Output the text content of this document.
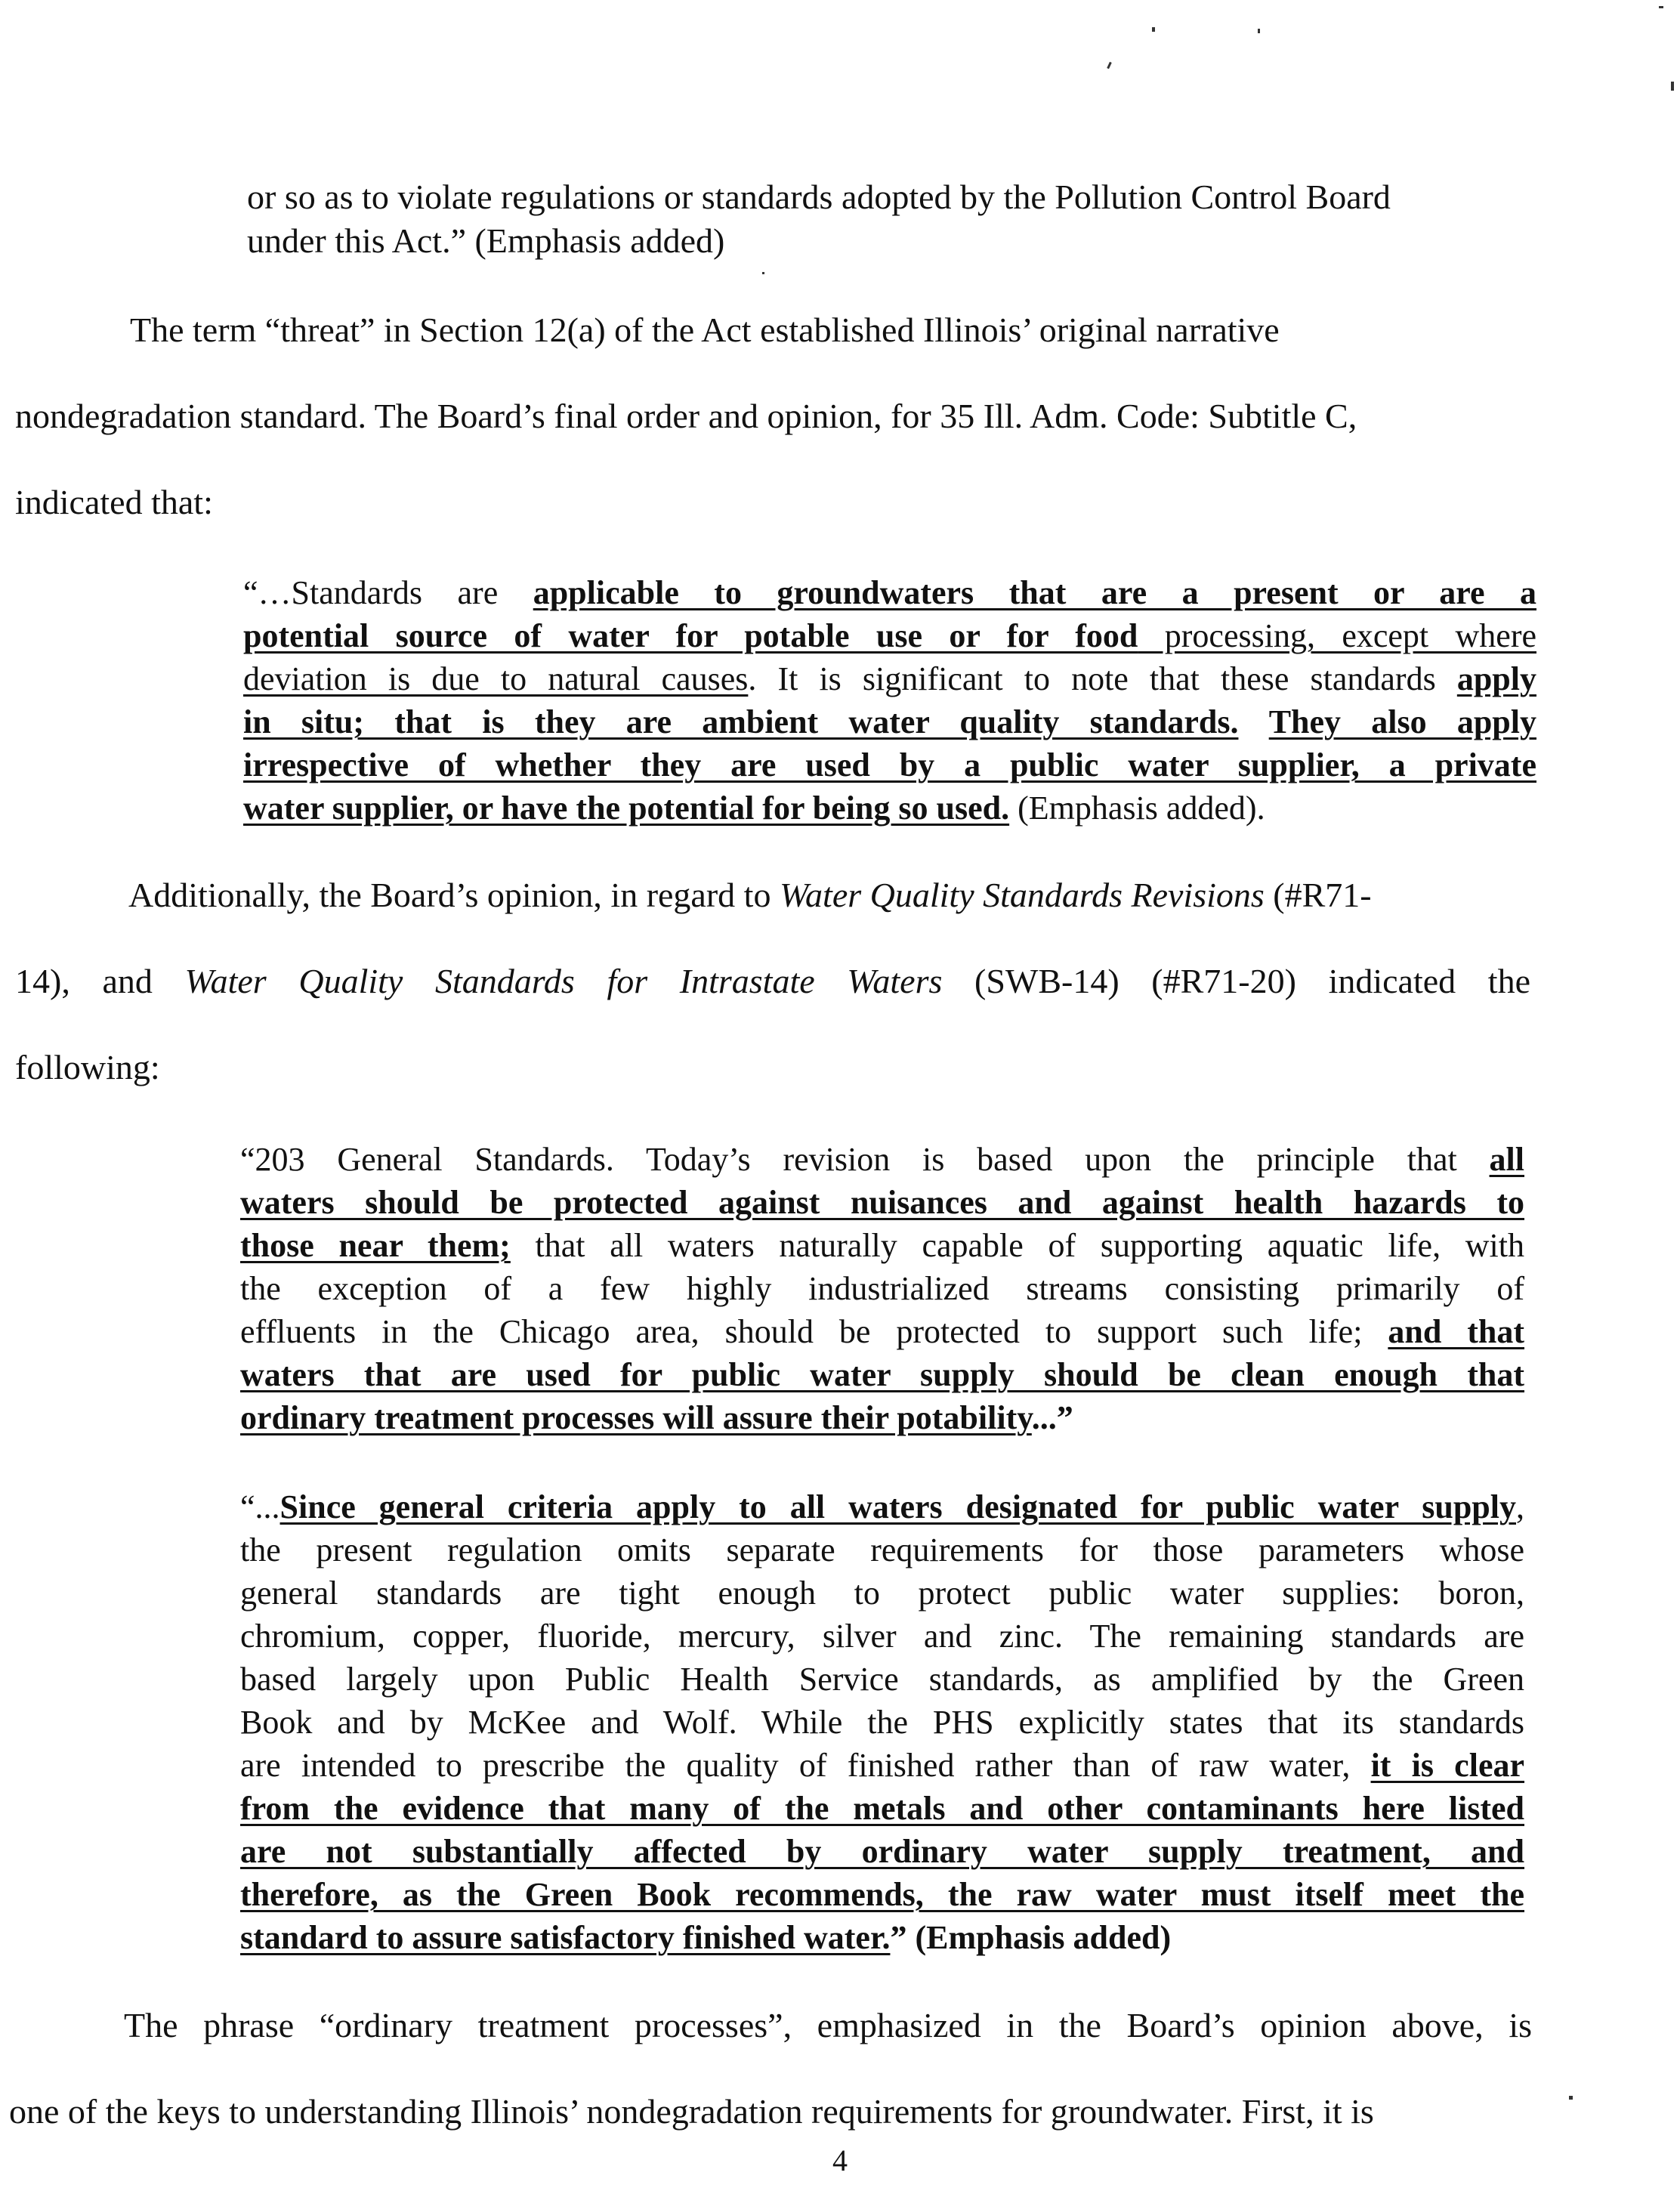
or so as to violate regulations or standards adopted by the Pollution Control Board
under this Act.” (Emphasis added)
The term “threat” in Section 12(a) of the Act established Illinois’ original narrative
nondegradation standard. The Board’s final order and opinion, for 35 Ill. Adm. Code: Subtitle C,
indicated that:
“…Standards are applicable to groundwaters that are a present or are a
potential source of water for potable use or for food processing, except where
deviation is due to natural causes. It is significant to note that these standards apply
in situ; that is they are ambient water quality standards. They also apply
irrespective of whether they are used by a public water supplier, a private
water supplier, or have the potential for being so used. (Emphasis added).
Additionally, the Board’s opinion, in regard to Water Quality Standards Revisions (#R71-
14), and Water Quality Standards for Intrastate Waters (SWB-14) (#R71-20) indicated the
following:
“203 General Standards. Today’s revision is based upon the principle that all
waters should be protected against nuisances and against health hazards to
those near them; that all waters naturally capable of supporting aquatic life, with
the exception of a few highly industrialized streams consisting primarily of
effluents in the Chicago area, should be protected to support such life; and that
waters that are used for public water supply should be clean enough that
ordinary treatment processes will assure their potability...”
“...Since general criteria apply to all waters designated for public water supply,
the present regulation omits separate requirements for those parameters whose
general standards are tight enough to protect public water supplies: boron,
chromium, copper, fluoride, mercury, silver and zinc. The remaining standards are
based largely upon Public Health Service standards, as amplified by the Green
Book and by McKee and Wolf. While the PHS explicitly states that its standards
are intended to prescribe the quality of finished rather than of raw water, it is clear
from the evidence that many of the metals and other contaminants here listed
are not substantially affected by ordinary water supply treatment, and
therefore, as the Green Book recommends, the raw water must itself meet the
standard to assure satisfactory finished water.” (Emphasis added)
The phrase “ordinary treatment processes”, emphasized in the Board’s opinion above, is
one of the keys to understanding Illinois’ nondegradation requirements for groundwater. First, it is
4
